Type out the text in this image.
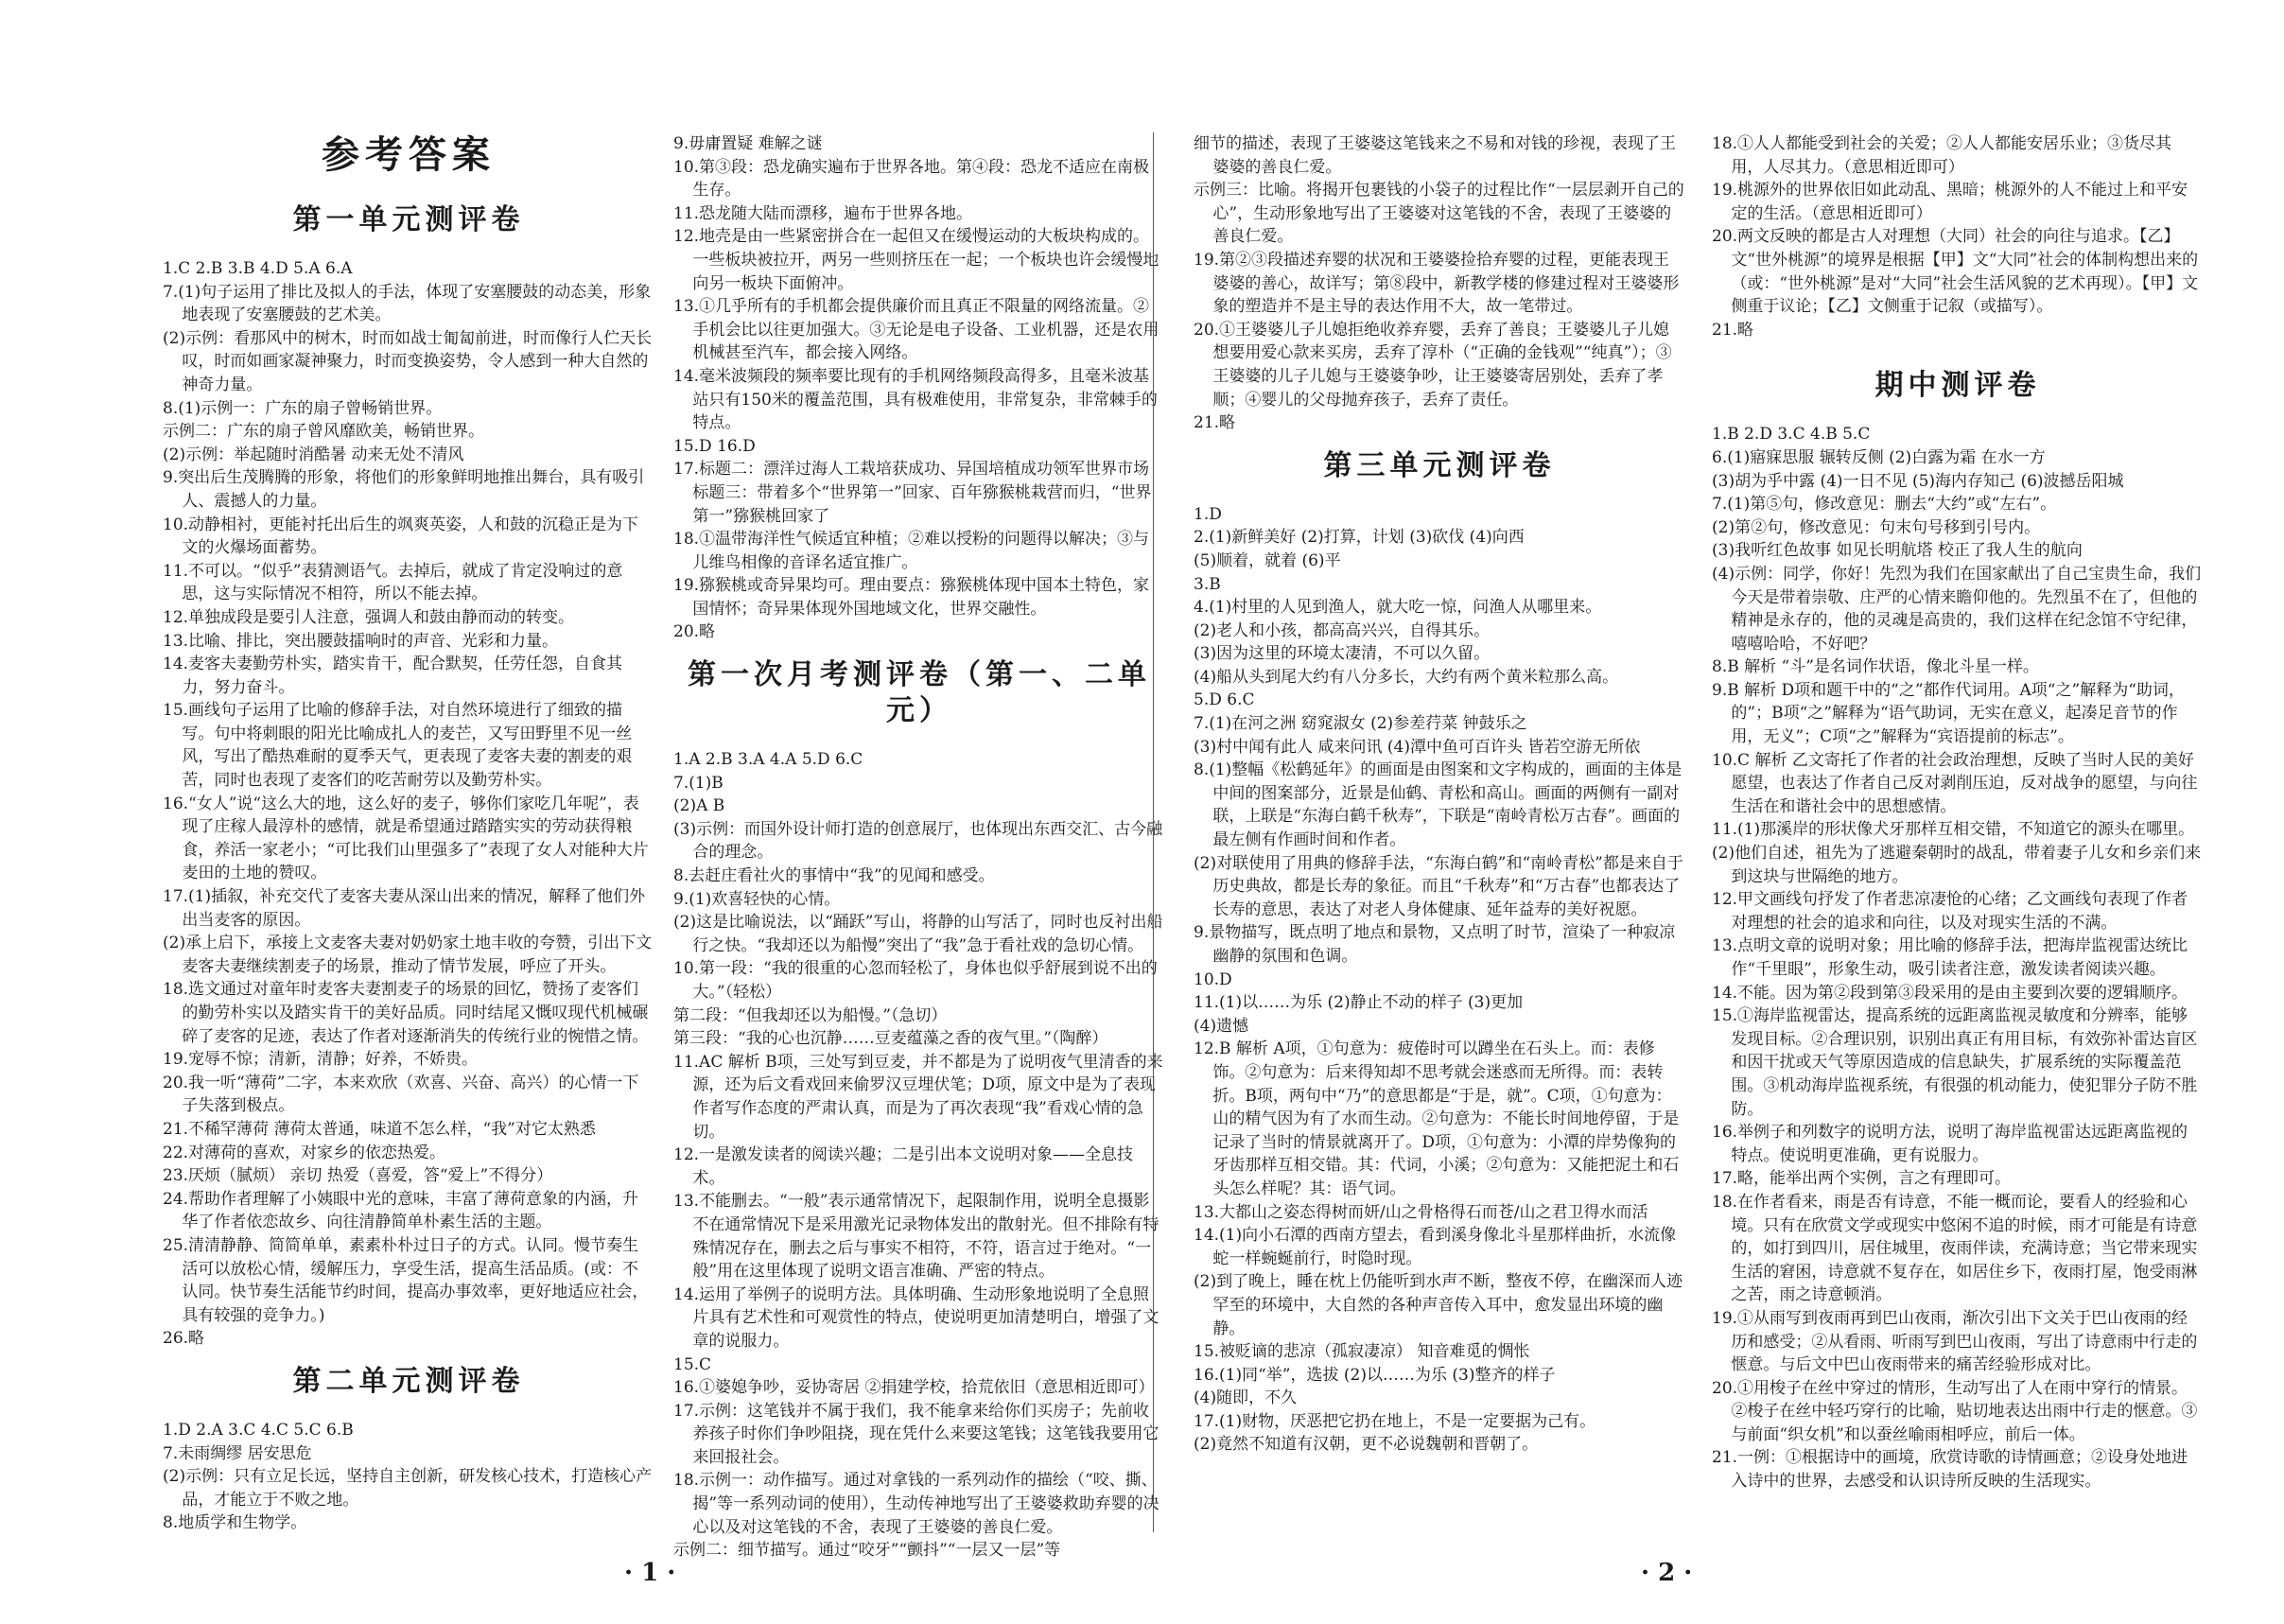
参考答案
第一单元测评卷
1.C 2.B 3.B 4.D 5.A 6.A
7.(1)句子运用了排比及拟人的手法，体现了安塞腰鼓的动态美，形象地表现了安塞腰鼓的艺术美。
(2)示例：看那风中的树木，时而如战士匍匐前进，时而像行人伫天长叹，时而如画家凝神聚力，时而变换姿势，令人感到一种大自然的神奇力量。
8.(1)示例一：广东的扇子曾畅销世界。
示例二：广东的扇子曾风靡欧美，畅销世界。
(2)示例：举起随时消酷暑 动来无处不清风
9.突出后生茂腾腾的形象，将他们的形象鲜明地推出舞台，具有吸引人、震撼人的力量。
10.动静相衬，更能衬托出后生的飒爽英姿，人和鼓的沉稳正是为下文的火爆场面蓄势。
11.不可以。“似乎”表猜测语气。去掉后，就成了肯定没响过的意思，这与实际情况不相符，所以不能去掉。
12.单独成段是要引人注意，强调人和鼓由静而动的转变。
13.比喻、排比，突出腰鼓擂响时的声音、光彩和力量。
14.麦客夫妻勤劳朴实，踏实肯干，配合默契，任劳任怨，自食其力，努力奋斗。
15.画线句子运用了比喻的修辞手法，对自然环境进行了细致的描写。句中将刺眼的阳光比喻成扎人的麦芒，又写田野里不见一丝风，写出了酷热难耐的夏季天气，更表现了麦客夫妻的割麦的艰苦，同时也表现了麦客们的吃苦耐劳以及勤劳朴实。
16.“女人”说“这么大的地，这么好的麦子，够你们家吃几年呢”，表现了庄稼人最淳朴的感情，就是希望通过踏踏实实的劳动获得粮食，养活一家老小；“可比我们山里强多了”表现了女人对能种大片麦田的土地的赞叹。
17.(1)插叙，补充交代了麦客夫妻从深山出来的情况，解释了他们外出当麦客的原因。
(2)承上启下，承接上文麦客夫妻对奶奶家土地丰收的夸赞，引出下文麦客夫妻继续割麦子的场景，推动了情节发展，呼应了开头。
18.选文通过对童年时麦客夫妻割麦子的场景的回忆，赞扬了麦客们的勤劳朴实以及踏实肯干的美好品质。同时结尾又慨叹现代机械碾碎了麦客的足迹，表达了作者对逐渐消失的传统行业的惋惜之情。
19.宠辱不惊；清新，清静；好养，不娇贵。
20.我一听“薄荷”二字，本来欢欣（欢喜、兴奋、高兴）的心情一下子失落到极点。
21.不稀罕薄荷 薄荷太普通，味道不怎么样，“我”对它太熟悉
22.对薄荷的喜欢，对家乡的依恋热爱。
23.厌烦（腻烦） 亲切 热爱（喜爱，答“爱上”不得分）
24.帮助作者理解了小姨眼中光的意味，丰富了薄荷意象的内涵，升华了作者依恋故乡、向往清静简单朴素生活的主题。
25.清清静静、简简单单，素素朴朴过日子的方式。认同。慢节奏生活可以放松心情，缓解压力，享受生活，提高生活品质。(或：不认同。快节奏生活能节约时间，提高办事效率，更好地适应社会，具有较强的竞争力。)
26.略
第二单元测评卷
1.D 2.A 3.C 4.C 5.C 6.B
7.未雨绸缪 居安思危
(2)示例：只有立足长远，坚持自主创新，研发核心技术，打造核心产品，才能立于不败之地。
8.地质学和生物学。
9.毋庸置疑 难解之谜
10.第③段：恐龙确实遍布于世界各地。第④段：恐龙不适应在南极生存。
11.恐龙随大陆而漂移，遍布于世界各地。
12.地壳是由一些紧密拼合在一起但又在缓慢运动的大板块构成的。一些板块被拉开，两另一些则挤压在一起；一个板块也许会缓慢地向另一板块下面俯冲。
13.①几乎所有的手机都会提供廉价而且真正不限量的网络流量。②手机会比以往更加强大。③无论是电子设备、工业机器，还是农用机械甚至汽车，都会接入网络。
14.毫米波频段的频率要比现有的手机网络频段高得多，且毫米波基站只有150米的覆盖范围，具有极难使用，非常复杂，非常棘手的特点。
15.D 16.D
17.标题二：漂洋过海人工栽培获成功、异国培植成功领军世界市场 标题三：带着多个“世界第一”回家、百年猕猴桃栽营而归，“世界第一”猕猴桃回家了
18.①温带海洋性气候适宜种植；②难以授粉的问题得以解决；③与儿维鸟相像的音译名适宜推广。
19.猕猴桃或奇异果均可。理由要点：猕猴桃体现中国本土特色，家国情怀；奇异果体现外国地域文化，世界交融性。
20.略
第一次月考测评卷（第一、二单元）
1.A 2.B 3.A 4.A 5.D 6.C
7.(1)B
(2)A B
(3)示例：而国外设计师打造的创意展厅，也体现出东西交汇、古今融合的理念。
8.去赶庄看社火的事情中“我”的见闻和感受。
9.(1)欢喜轻快的心情。
(2)这是比喻说法，以“踊跃”写山，将静的山写活了，同时也反衬出船行之快。“我却还以为船慢”突出了“我”急于看社戏的急切心情。
10.第一段：“我的很重的心忽而轻松了，身体也似乎舒展到说不出的大。”（轻松）
第二段：“但我却还以为船慢。”（急切）
第三段：“我的心也沉静……豆麦蕴藻之香的夜气里。”（陶醉）
11.AC 解析 B项，三处写到豆麦，并不都是为了说明夜气里清香的来源，还为后文看戏回来偷罗汉豆埋伏笔；D项，原文中是为了表现作者写作态度的严肃认真，而是为了再次表现“我”看戏心情的急切。
12.一是激发读者的阅读兴趣；二是引出本文说明对象——全息技术。
13.不能删去。“一般”表示通常情况下，起限制作用，说明全息摄影不在通常情况下是采用激光记录物体发出的散射光。但不排除有特殊情况存在，删去之后与事实不相符，不符，语言过于绝对。“一般”用在这里体现了说明文语言准确、严密的特点。
14.运用了举例子的说明方法。具体明确、生动形象地说明了全息照片具有艺术性和可观赏性的特点，使说明更加清楚明白，增强了文章的说服力。
15.C
16.①婆媳争吵，妥协寄居 ②捐建学校，拾荒依旧（意思相近即可）
17.示例：这笔钱并不属于我们，我不能拿来给你们买房子；先前收养孩子时你们争吵阻挠，现在凭什么来要这笔钱；这笔钱我要用它来回报社会。
18.示例一：动作描写。通过对拿钱的一系列动作的描绘（“咬、撕、揭”等一系列动词的使用），生动传神地写出了王婆婆救助弃婴的决心以及对这笔钱的不舍，表现了王婆婆的善良仁爱。
示例二：细节描写。通过“咬牙”“颤抖”“一层又一层”等
细节的描述，表现了王婆婆这笔钱来之不易和对钱的珍视，表现了王婆婆的善良仁爱。
示例三：比喻。将揭开包裹钱的小袋子的过程比作“一层层剥开自己的心”，生动形象地写出了王婆婆对这笔钱的不舍，表现了王婆婆的善良仁爱。
19.第②③段描述弃婴的状况和王婆婆捡拾弃婴的过程，更能表现王婆婆的善心，故详写；第⑧段中，新教学楼的修建过程对王婆婆形象的塑造并不是主导的表达作用不大，故一笔带过。
20.①王婆婆儿子儿媳拒绝收养弃婴，丢弃了善良；王婆婆儿子儿媳想要用爱心款来买房，丢弃了淳朴（“正确的金钱观”“纯真”）；③王婆婆的儿子儿媳与王婆婆争吵，让王婆婆寄居别处，丢弃了孝顺；④婴儿的父母抛弃孩子，丢弃了责任。
21.略
第三单元测评卷
1.D
2.(1)新鲜美好 (2)打算，计划 (3)砍伐 (4)向西
(5)顺着，就着 (6)平
3.B
4.(1)村里的人见到渔人，就大吃一惊，问渔人从哪里来。
(2)老人和小孩，都高高兴兴，自得其乐。
(3)因为这里的环境太凄清，不可以久留。
(4)船从头到尾大约有八分多长，大约有两个黄米粒那么高。
5.D 6.C
7.(1)在河之洲 窈窕淑女 (2)参差荇菜 钟鼓乐之
(3)村中闻有此人 咸来问讯 (4)潭中鱼可百许头 皆若空游无所依
8.(1)整幅《松鹤延年》的画面是由图案和文字构成的，画面的主体是中间的图案部分，近景是仙鹤、青松和高山。画面的两侧有一副对联，上联是“东海白鹤千秋寿”，下联是“南岭青松万古春”。画面的最左侧有作画时间和作者。
(2)对联使用了用典的修辞手法，“东海白鹤”和“南岭青松”都是来自于历史典故，都是长寿的象征。而且“千秋寿”和“万古春”也都表达了长寿的意思，表达了对老人身体健康、延年益寿的美好祝愿。
9.景物描写，既点明了地点和景物，又点明了时节，渲染了一种寂凉幽静的氛围和色调。
10.D
11.(1)以……为乐 (2)静止不动的样子 (3)更加
(4)遗憾
12.B 解析 A项，①句意为：疲倦时可以蹲坐在石头上。而：表修饰。②句意为：后来得知却不思考就会迷惑而无所得。而：表转折。B项，两句中“乃”的意思都是“于是，就”。C项，①句意为：山的精气因为有了水而生动。②句意为：不能长时间地停留，于是记录了当时的情景就离开了。D项，①句意为：小潭的岸势像狗的牙齿那样互相交错。其：代词，小溪；②句意为：又能把泥土和石头怎么样呢？其：语气词。
13.大都山之姿态得树而妍/山之骨格得石而苍/山之君卫得水而活
14.(1)向小石潭的西南方望去，看到溪身像北斗星那样曲折，水流像蛇一样蜿蜒前行，时隐时现。
(2)到了晚上，睡在枕上仍能听到水声不断，整夜不停，在幽深而人迹罕至的环境中，大自然的各种声音传入耳中，愈发显出环境的幽静。
15.被贬谪的悲凉（孤寂凄凉） 知音难觅的惆怅
16.(1)同“举”，选拔 (2)以……为乐 (3)整齐的样子
(4)随即，不久
17.(1)财物，厌恶把它扔在地上，不是一定要据为己有。
(2)竟然不知道有汉朝，更不必说魏朝和晋朝了。
18.①人人都能受到社会的关爱；②人人都能安居乐业；③货尽其用，人尽其力。（意思相近即可）
19.桃源外的世界依旧如此动乱、黑暗；桃源外的人不能过上和平安定的生活。（意思相近即可）
20.两文反映的都是古人对理想（大同）社会的向往与追求。【乙】文“世外桃源”的境界是根据【甲】文“大同”社会的体制构想出来的（或：“世外桃源”是对“大同”社会生活风貌的艺术再现）。【甲】文侧重于议论；【乙】文侧重于记叙（或描写）。
21.略
期中测评卷
1.B 2.D 3.C 4.B 5.C
6.(1)寤寐思服 辗转反侧 (2)白露为霜 在水一方
(3)胡为乎中露 (4)一日不见 (5)海内存知己 (6)波撼岳阳城
7.(1)第⑤句，修改意见：删去“大约”或“左右”。
(2)第②句，修改意见：句末句号移到引号内。
(3)我听红色故事 如见长明航塔 校正了我人生的航向
(4)示例：同学，你好！先烈为我们在国家献出了自己宝贵生命，我们今天是带着崇敬、庄严的心情来瞻仰他的。先烈虽不在了，但他的精神是永存的，他的灵魂是高贵的，我们这样在纪念馆不守纪律，嘻嘻哈哈，不好吧？
8.B 解析 “斗”是名词作状语，像北斗星一样。
9.B 解析 D项和题干中的“之”都作代词用。A项“之”解释为“助词，的”；B项“之”解释为“语气助词，无实在意义，起凑足音节的作用，无义”；C项“之”解释为“宾语提前的标志”。
10.C 解析 乙文寄托了作者的社会政治理想，反映了当时人民的美好愿望，也表达了作者自己反对剥削压迫，反对战争的愿望，与向往生活在和谐社会中的思想感情。
11.(1)那溪岸的形状像犬牙那样互相交错，不知道它的源头在哪里。
(2)他们自述，祖先为了逃避秦朝时的战乱，带着妻子儿女和乡亲们来到这块与世隔绝的地方。
12.甲文画线句抒发了作者悲凉凄怆的心绪；乙文画线句表现了作者对理想的社会的追求和向往，以及对现实生活的不满。
13.点明文章的说明对象；用比喻的修辞手法，把海岸监视雷达统比作“千里眼”，形象生动，吸引读者注意，激发读者阅读兴趣。
14.不能。因为第②段到第③段采用的是由主要到次要的逻辑顺序。
15.①海岸监视雷达，提高系统的远距离监视灵敏度和分辨率，能够发现目标。②合理识别，识别出真正有用目标，有效弥补雷达盲区和因干扰或天气等原因造成的信息缺失，扩展系统的实际覆盖范围。③机动海岸监视系统，有很强的机动能力，使犯罪分子防不胜防。
16.举例子和列数字的说明方法，说明了海岸监视雷达远距离监视的特点。使说明更准确，更有说服力。
17.略，能举出两个实例，言之有理即可。
18.在作者看来，雨是否有诗意，不能一概而论，要看人的经验和心境。只有在欣赏文学或现实中悠闲不追的时候，雨才可能是有诗意的，如打到四川，居住城里，夜雨伴读，充满诗意；当它带来现实生活的窘困，诗意就不复存在，如居住乡下，夜雨打屋，饱受雨淋之苦，雨之诗意顿消。
19.①从雨写到夜雨再到巴山夜雨，渐次引出下文关于巴山夜雨的经历和感受；②从看雨、听雨写到巴山夜雨，写出了诗意雨中行走的惬意。与后文中巴山夜雨带来的痛苦经验形成对比。
20.①用梭子在丝中穿过的情形，生动写出了人在雨中穿行的情景。②梭子在丝中轻巧穿行的比喻，贴切地表达出雨中行走的惬意。③与前面“织女机”和以蚕丝喻雨相呼应，前后一体。
21.一例：①根据诗中的画境，欣赏诗歌的诗情画意；②设身处地进入诗中的世界，去感受和认识诗所反映的生活现实。
· 1 ·	· 2 ·
